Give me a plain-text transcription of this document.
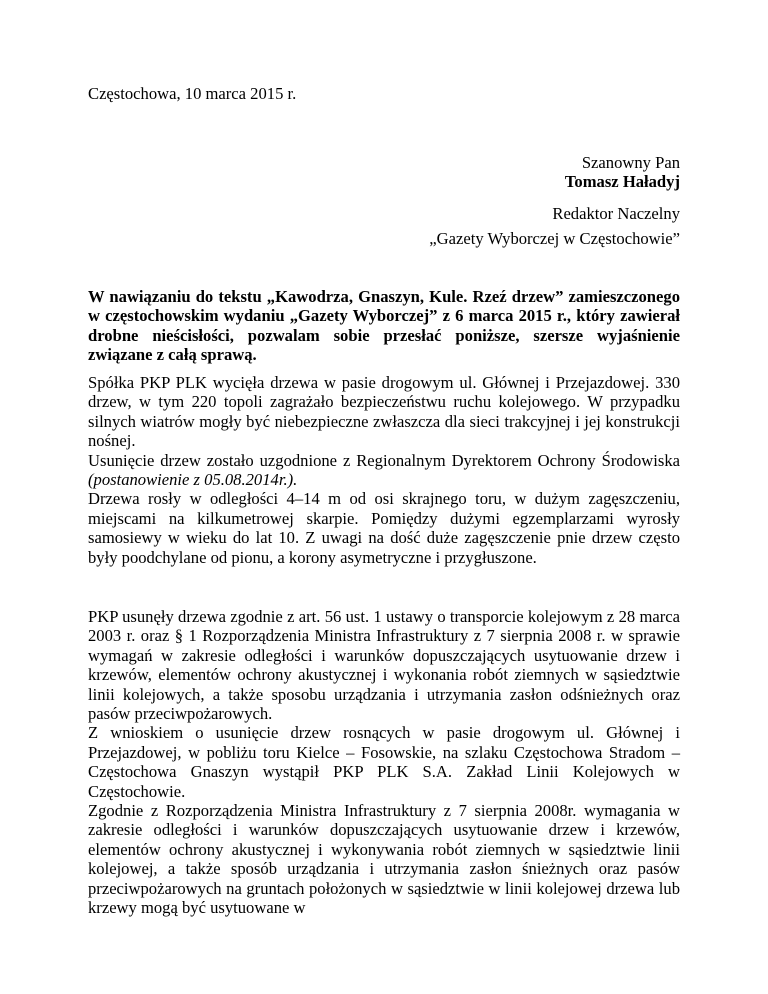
Częstochowa, 10 marca 2015 r.
Szanowny Pan
Tomasz Haładyj
Redaktor Naczelny
„Gazety Wyborczej w Częstochowie”
W nawiązaniu do tekstu „Kawodrza, Gnaszyn, Kule. Rzeź drzew” zamieszczonego w częstochowskim wydaniu „Gazety Wyborczej” z 6 marca 2015 r., który zawierał drobne nieścisłości, pozwalam sobie przesłać poniższe, szersze wyjaśnienie związane z całą sprawą.

Spółka PKP PLK wycięła drzewa w pasie drogowym ul. Głównej i Przejazdowej. 330 drzew, w tym 220 topoli zagrażało bezpieczeństwu ruchu kolejowego. W przypadku silnych wiatrów mogły być niebezpieczne zwłaszcza dla sieci trakcyjnej i jej konstrukcji nośnej.

Usunięcie drzew zostało uzgodnione z Regionalnym Dyrektorem Ochrony Środowiska (postanowienie z 05.08.2014r.).

Drzewa rosły w odległości 4–14 m od osi skrajnego toru, w dużym zagęszczeniu, miejscami na kilkumetrowej skarpie. Pomiędzy dużymi egzemplarzami wyrosły samosiewy w wieku do lat 10. Z uwagi na dość duże zagęszczenie pnie drzew często były poodchylane od pionu, a korony asymetryczne i przygłuszone.

PKP usunęły drzewa zgodnie z art. 56 ust. 1 ustawy o transporcie kolejowym z 28 marca 2003 r. oraz § 1 Rozporządzenia Ministra Infrastruktury z 7 sierpnia 2008 r. w sprawie wymagań w zakresie odległości i warunków dopuszczających usytuowanie drzew i krzewów, elementów ochrony akustycznej i wykonania robót ziemnych w sąsiedztwie linii kolejowych, a także sposobu urządzania i utrzymania zasłon odśnieżnych oraz pasów przeciwpożarowych.

Z wnioskiem o usunięcie drzew rosnących w pasie drogowym ul. Głównej i Przejazdowej, w pobliżu toru Kielce – Fosowskie, na szlaku Częstochowa Stradom – Częstochowa Gnaszyn wystąpił PKP PLK S.A. Zakład Linii Kolejowych w Częstochowie.

Zgodnie z Rozporządzenia Ministra Infrastruktury z 7 sierpnia 2008r. wymagania w zakresie odległości i warunków dopuszczających usytuowanie drzew i krzewów, elementów ochrony akustycznej i wykonywania robót ziemnych w sąsiedztwie linii kolejowej, a także sposób urządzania i utrzymania zasłon śnieżnych oraz pasów przeciwpożarowych na gruntach położonych w sąsiedztwie w linii kolejowej drzewa lub krzewy mogą być usytuowane w
